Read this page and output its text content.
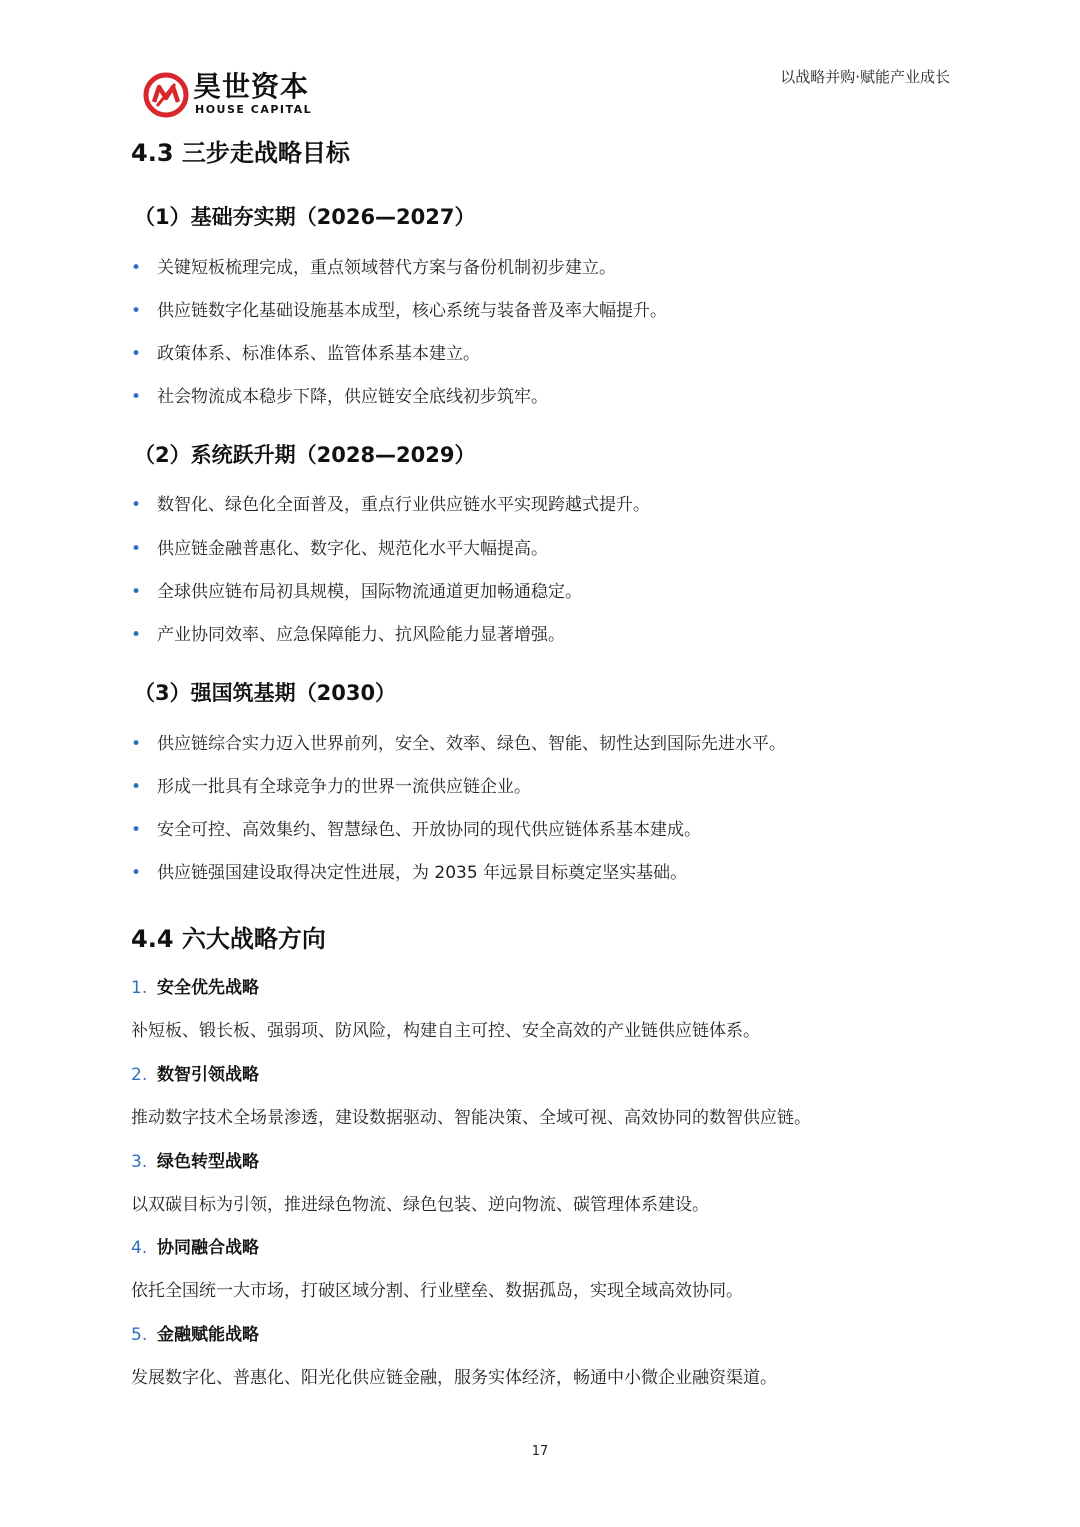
昊世资本
HOUSE CAPITAL
以战略并购·赋能产业成长
4.3 三步走战略目标
（1）基础夯实期（2026—2027）
• 关键短板梳理完成，重点领域替代方案与备份机制初步建立。
• 供应链数字化基础设施基本成型，核心系统与装备普及率大幅提升。
• 政策体系、标准体系、监管体系基本建立。
• 社会物流成本稳步下降，供应链安全底线初步筑牢。
（2）系统跃升期（2028—2029）
• 数智化、绿色化全面普及，重点行业供应链水平实现跨越式提升。
• 供应链金融普惠化、数字化、规范化水平大幅提高。
• 全球供应链布局初具规模，国际物流通道更加畅通稳定。
• 产业协同效率、应急保障能力、抗风险能力显著增强。
（3）强国筑基期（2030）
• 供应链综合实力迈入世界前列，安全、效率、绿色、智能、韧性达到国际先进水平。
• 形成一批具有全球竞争力的世界一流供应链企业。
• 安全可控、高效集约、智慧绿色、开放协同的现代供应链体系基本建成。
• 供应链强国建设取得决定性进展，为 2035 年远景目标奠定坚实基础。
4.4 六大战略方向
1. 安全优先战略
补短板、锻长板、强弱项、防风险，构建自主可控、安全高效的产业链供应链体系。
2. 数智引领战略
推动数字技术全场景渗透，建设数据驱动、智能决策、全域可视、高效协同的数智供应链。
3. 绿色转型战略
以双碳目标为引领，推进绿色物流、绿色包装、逆向物流、碳管理体系建设。
4. 协同融合战略
依托全国统一大市场，打破区域分割、行业壁垒、数据孤岛，实现全域高效协同。
5. 金融赋能战略
发展数字化、普惠化、阳光化供应链金融，服务实体经济，畅通中小微企业融资渠道。
17
